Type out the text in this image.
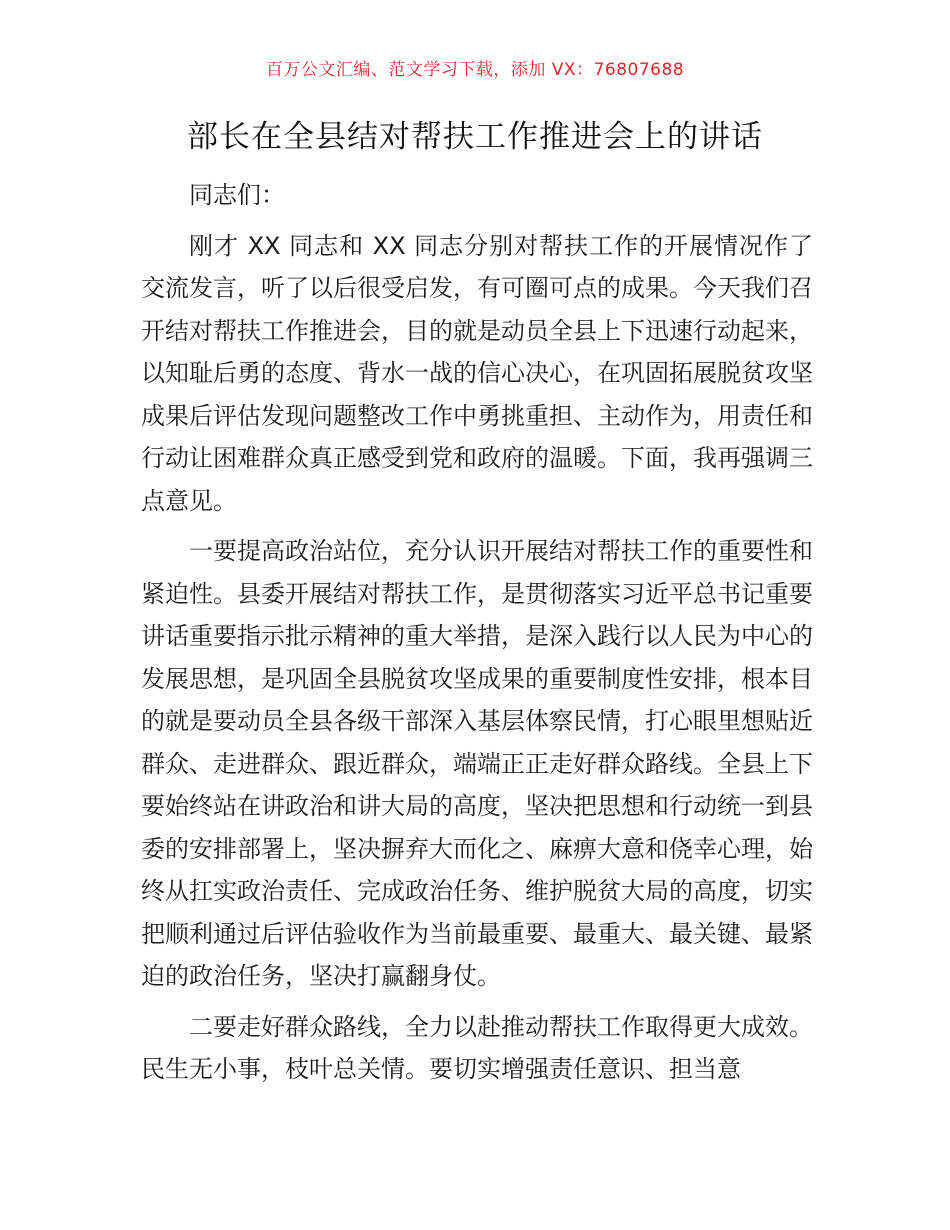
百万公文汇编、范文学习下载，添加 VX：76807688
部长在全县结对帮扶工作推进会上的讲话

同志们：

刚才 XX 同志和 XX 同志分别对帮扶工作的开展情况作了交流发言，听了以后很受启发，有可圈可点的成果。今天我们召开结对帮扶工作推进会，目的就是动员全县上下迅速行动起来，以知耻后勇的态度、背水一战的信心决心，在巩固拓展脱贫攻坚成果后评估发现问题整改工作中勇挑重担、主动作为，用责任和行动让困难群众真正感受到党和政府的温暖。下面，我再强调三点意见。

一要提高政治站位，充分认识开展结对帮扶工作的重要性和紧迫性。县委开展结对帮扶工作，是贯彻落实习近平总书记重要讲话重要指示批示精神的重大举措，是深入践行以人民为中心的发展思想，是巩固全县脱贫攻坚成果的重要制度性安排，根本目的就是要动员全县各级干部深入基层体察民情，打心眼里想贴近群众、走进群众、跟近群众，端端正正走好群众路线。全县上下要始终站在讲政治和讲大局的高度，坚决把思想和行动统一到县委的安排部署上，坚决摒弃大而化之、麻痹大意和侥幸心理，始终从扛实政治责任、完成政治任务、维护脱贫大局的高度，切实把顺利通过后评估验收作为当前最重要、最重大、最关键、最紧迫的政治任务，坚决打赢翻身仗。

二要走好群众路线，全力以赴推动帮扶工作取得更大成效。民生无小事，枝叶总关情。要切实增强责任意识、担当意
